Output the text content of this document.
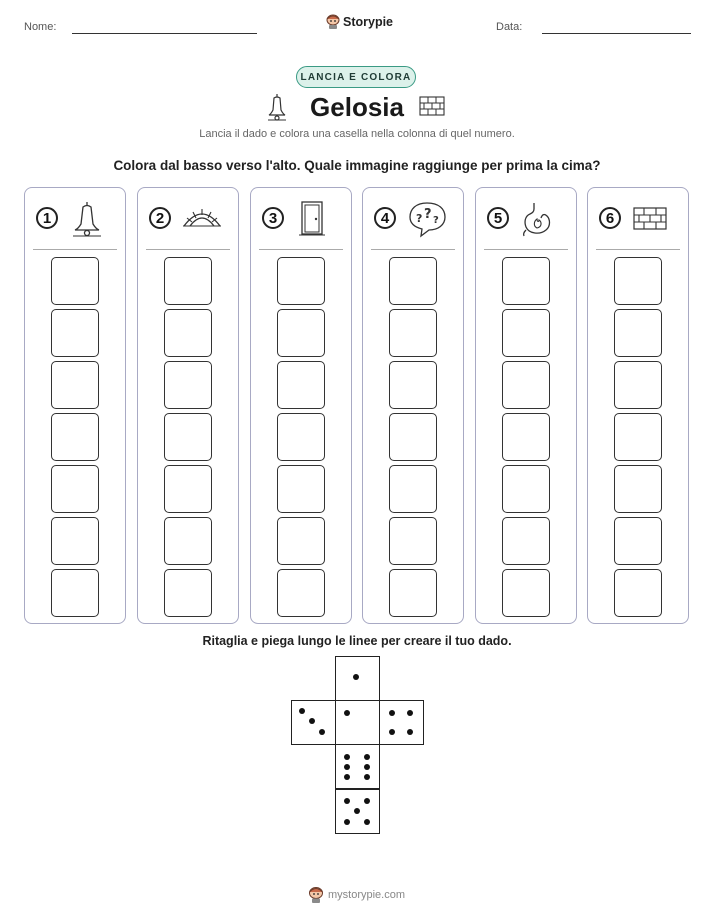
Nome:	Storypie	Data:
LANCIA E COLORA
Gelosia
Lancia il dado e colora una casella nella colonna di quel numero.
Colora dal basso verso l'alto. Quale immagine raggiunge per prima la cima?
1	2	3	4	? ? ?	5	6
Ritaglia e piega lungo le linee per creare il tuo dado.
mystorypie.com
